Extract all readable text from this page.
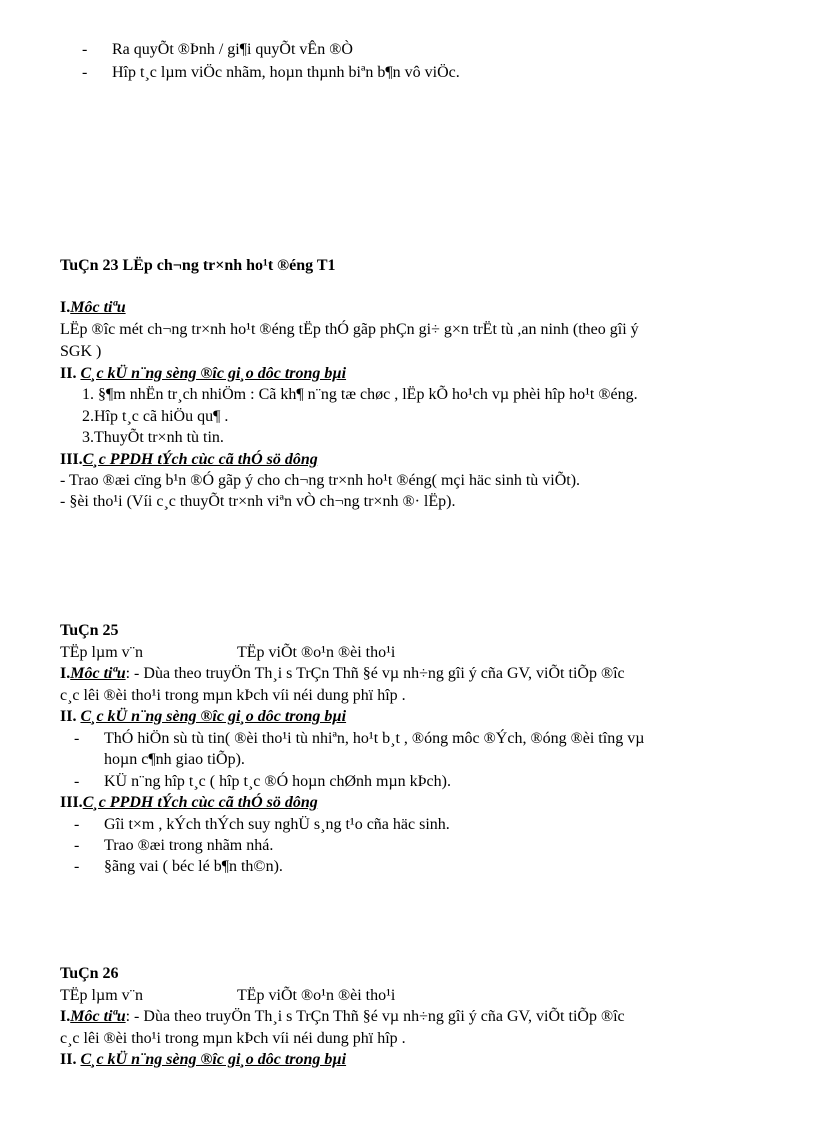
- Ra quyÕt ®Þnh / gi¶i quyÕt vÊn ®Ò
- Hîp t¸c lµm viÖc nhãm, hoµn thµnh biªn b¶n vô viÖc.
TuÇn 23 LËp ch¬ng tr×nh ho¹t ®éng T1
I.Môc tiªu
LËp ®îc mét ch¬ng tr×nh ho¹t ®éng tËp thÓ gãp phÇn gi÷ g×n trËt tù ,an ninh (theo gîi ý
SGK )
II. C¸c kÜ n¨ng sèng ®îc gi¸o dôc trong bµi
1. §¶m nhËn tr¸ch nhiÖm : Cã kh¶ n¨ng tæ chøc , lËp kÕ ho¹ch vµ phèi hîp ho¹t ®éng.
2.Hîp t¸c cã hiÖu qu¶ .
3.ThuyÕt tr×nh tù tin.
III.C¸c PPDH tÝch cùc cã thÓ sö dông
- Trao ®æi cïng b¹n ®Ó gãp ý cho ch¬ng tr×nh ho¹t ®éng( mçi häc sinh tù viÕt).
- §èi tho¹i (Víi c¸c thuyÕt tr×nh viªn vÒ ch¬ng tr×nh ®· lËp).
TuÇn 25
TËp lµm v¨n	TËp viÕt ®o¹n ®èi tho¹i
I.Môc tiªu: - Dùa theo truyÖn Th¸i s TrÇn Thñ §é vµ nh÷ng gîi ý cña GV, viÕt tiÕp ®îc
c¸c lêi ®èi tho¹i trong mµn kÞch víi néi dung phï hîp .
II. C¸c kÜ n¨ng sèng ®îc gi¸o dôc trong bµi
- ThÓ hiÖn sù tù tin( ®èi tho¹i tù nhiªn, ho¹t b¸t , ®óng môc ®Ých, ®óng ®èi tîng vµ
hoµn c¶nh giao tiÕp).
- KÜ n¨ng hîp t¸c ( hîp t¸c ®Ó hoµn chØnh mµn kÞch).
III.C¸c PPDH tÝch cùc cã thÓ sö dông
- Gîi t×m , kÝch thÝch suy nghÜ s¸ng t¹o cña häc sinh.
- Trao ®æi trong nhãm nhá.
- §ãng vai ( béc lé b¶n th©n).
TuÇn 26
TËp lµm v¨n	TËp viÕt ®o¹n ®èi tho¹i
I.Môc tiªu: - Dùa theo truyÖn Th¸i s TrÇn Thñ §é vµ nh÷ng gîi ý cña GV, viÕt tiÕp ®îc
c¸c lêi ®èi tho¹i trong mµn kÞch víi néi dung phï hîp .
II. C¸c kÜ n¨ng sèng ®îc gi¸o dôc trong bµi
